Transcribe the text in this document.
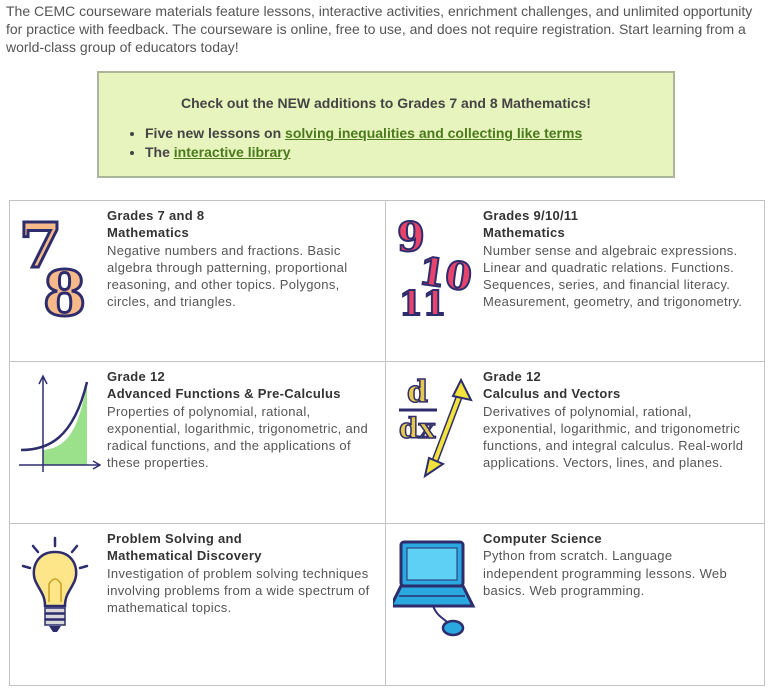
The CEMC courseware materials feature lessons, interactive activities, enrichment challenges, and unlimited opportunity for practice with feedback. The courseware is online, free to use, and does not require registration. Start learning from a world-class group of educators today!

Check out the NEW additions to Grades 7 and 8 Mathematics!
• Five new lessons on solving inequalities and collecting like terms
• The interactive library
7
8
Grades 7 and 8
Mathematics
Negative numbers and fractions. Basic algebra through patterning, proportional reasoning, and other topics. Polygons, circles, and triangles.
9
10
11
Grades 9/10/11
Mathematics
Number sense and algebraic expressions. Linear and quadratic relations. Functions. Sequences, series, and financial literacy. Measurement, geometry, and trigonometry.
Grade 12
Advanced Functions & Pre-Calculus
Properties of polynomial, rational, exponential, logarithmic, trigonometric, and radical functions, and the applications of these properties.
d
dx
Grade 12
Calculus and Vectors
Derivatives of polynomial, rational, exponential, logarithmic, and trigonometric functions, and integral calculus. Real-world applications. Vectors, lines, and planes.
Problem Solving and
Mathematical Discovery
Investigation of problem solving techniques involving problems from a wide spectrum of mathematical topics.
Computer Science
Python from scratch. Language independent programming lessons. Web basics. Web programming.
